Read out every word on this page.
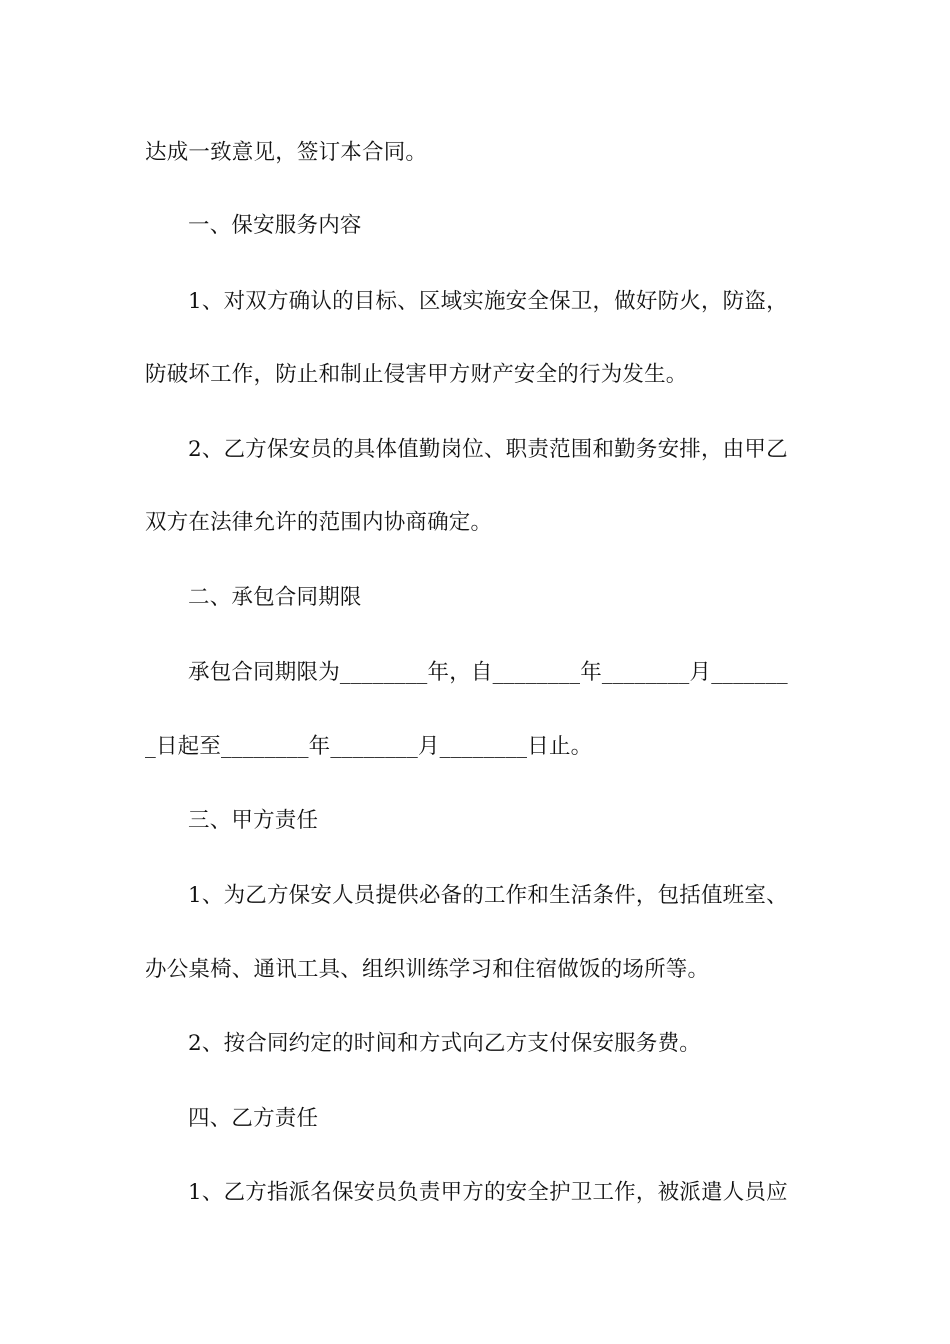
达成一致意见，签订本合同。
一、保安服务内容
1、对双方确认的目标、区域实施安全保卫，做好防火，防盗，
防破坏工作，防止和制止侵害甲方财产安全的行为发生。
2、乙方保安员的具体值勤岗位、职责范围和勤务安排，由甲乙
双方在法律允许的范围内协商确定。
二、承包合同期限
承包合同期限为________年，自________年________月_______
_日起至________年________月________日止。
三、甲方责任
1、为乙方保安人员提供必备的工作和生活条件，包括值班室、
办公桌椅、通讯工具、组织训练学习和住宿做饭的场所等。
2、按合同约定的时间和方式向乙方支付保安服务费。
四、乙方责任
1、乙方指派名保安员负责甲方的安全护卫工作，被派遣人员应
